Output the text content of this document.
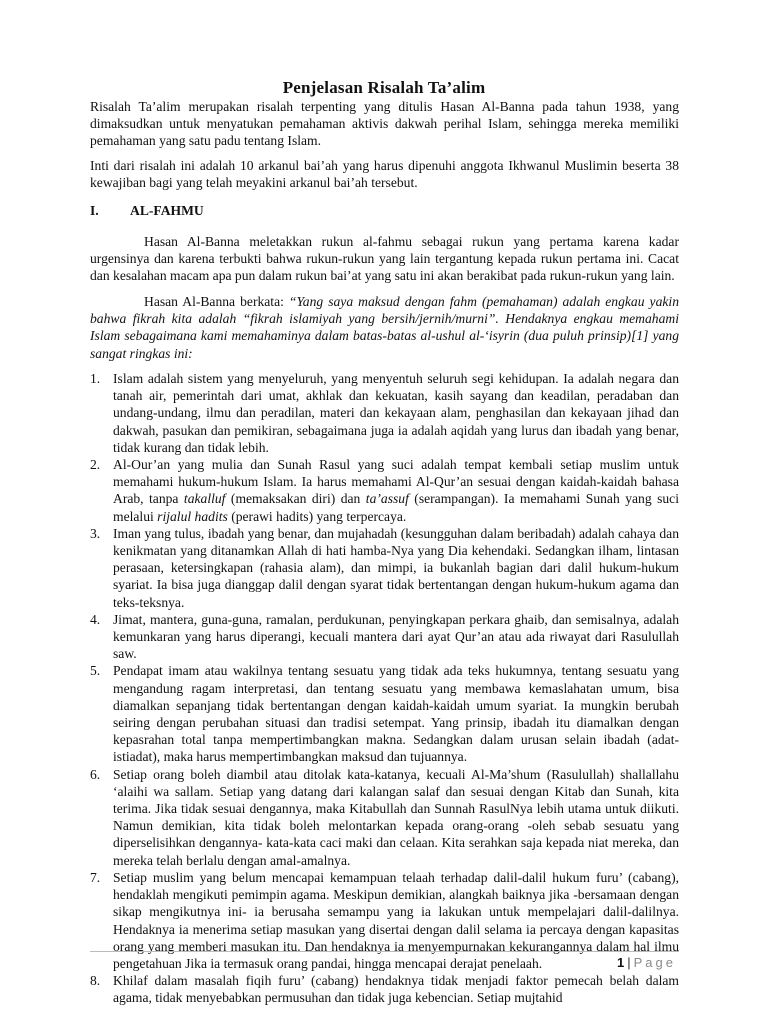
Penjelasan Risalah Ta’alim

Risalah Ta’alim merupakan risalah terpenting yang ditulis Hasan Al-Banna pada tahun 1938, yang dimaksudkan untuk menyatukan pemahaman aktivis dakwah perihal Islam, sehingga mereka memiliki pemahaman yang satu padu tentang Islam.

Inti dari risalah ini adalah 10 arkanul bai’ah yang harus dipenuhi anggota Ikhwanul Muslimin beserta 38 kewajiban bagi yang telah meyakini arkanul bai’ah tersebut.

I. AL-FAHMU

Hasan Al-Banna meletakkan rukun al-fahmu sebagai rukun yang pertama karena kadar urgensinya dan karena terbukti bahwa rukun-rukun yang lain tergantung kepada rukun pertama ini. Cacat dan kesalahan macam apa pun dalam rukun bai’at yang satu ini akan berakibat pada rukun-rukun yang lain.

Hasan Al-Banna berkata: “Yang saya maksud dengan fahm (pemahaman) adalah engkau yakin bahwa fikrah kita adalah “fikrah islamiyah yang bersih/jernih/murni”. Hendaknya engkau memahami Islam sebagaimana kami memahaminya dalam batas-batas al-ushul al-‘isyrin (dua puluh prinsip)[1] yang sangat ringkas ini:

1. Islam adalah sistem yang menyeluruh, yang menyentuh seluruh segi kehidupan. Ia adalah negara dan tanah air, pemerintah dari umat, akhlak dan kekuatan, kasih sayang dan keadilan, peradaban dan undang-undang, ilmu dan peradilan, materi dan kekayaan alam, penghasilan dan kekayaan jihad dan dakwah, pasukan dan pemikiran, sebagaimana juga ia adalah aqidah yang lurus dan ibadah yang benar, tidak kurang dan tidak lebih.
2. Al-Our’an yang mulia dan Sunah Rasul yang suci adalah tempat kembali setiap muslim untuk memahami hukum-hukum Islam. Ia harus memahami Al-Qur’an sesuai dengan kaidah-kaidah bahasa Arab, tanpa takalluf (memaksakan diri) dan ta’assuf (serampangan). Ia memahami Sunah yang suci melalui rijalul hadits (perawi hadits) yang terpercaya.
3. Iman yang tulus, ibadah yang benar, dan mujahadah (kesungguhan dalam beribadah) adalah cahaya dan kenikmatan yang ditanamkan Allah di hati hamba-Nya yang Dia kehendaki. Sedangkan ilham, lintasan perasaan, ketersingkapan (rahasia alam), dan mimpi, ia bukanlah bagian dari dalil hukum-hukum syariat. Ia bisa juga dianggap dalil dengan syarat tidak bertentangan dengan hukum-hukum agama dan teks-teksnya.
4. Jimat, mantera, guna-guna, ramalan, perdukunan, penyingkapan perkara ghaib, dan semisalnya, adalah kemunkaran yang harus diperangi, kecuali mantera dari ayat Qur’an atau ada riwayat dari Rasulullah saw.
5. Pendapat imam atau wakilnya tentang sesuatu yang tidak ada teks hukumnya, tentang sesuatu yang mengandung ragam interpretasi, dan tentang sesuatu yang membawa kemaslahatan umum, bisa diamalkan sepanjang tidak bertentangan dengan kaidah-kaidah umum syariat. Ia mungkin berubah seiring dengan perubahan situasi dan tradisi setempat. Yang prinsip, ibadah itu diamalkan dengan kepasrahan total tanpa mempertimbangkan makna. Sedangkan dalam urusan selain ibadah (adat-istiadat), maka harus mempertimbangkan maksud dan tujuannya.
6. Setiap orang boleh diambil atau ditolak kata-katanya, kecuali Al-Ma’shum (Rasulullah) shallallahu ‘alaihi wa sallam. Setiap yang datang dari kalangan salaf dan sesuai dengan Kitab dan Sunah, kita terima. Jika tidak sesuai dengannya, maka Kitabullah dan Sunnah RasulNya lebih utama untuk diikuti. Namun demikian, kita tidak boleh melontarkan kepada orang-orang -oleh sebab sesuatu yang diperselisihkan dengannya- kata-kata caci maki dan celaan. Kita serahkan saja kepada niat mereka, dan mereka telah berlalu dengan amal-amalnya.
7. Setiap muslim yang belum mencapai kemampuan telaah terhadap dalil-dalil hukum furu’ (cabang), hendaklah mengikuti pemimpin agama. Meskipun demikian, alangkah baiknya jika -bersamaan dengan sikap mengikutnya ini- ia berusaha semampu yang ia lakukan untuk mempelajari dalil-dalilnya. Hendaknya ia menerima setiap masukan yang disertai dengan dalil selama ia percaya dengan kapasitas orang yang memberi masukan itu. Dan hendaknya ia menyempurnakan kekurangannya dalam hal ilmu pengetahuan Jika ia termasuk orang pandai, hingga mencapai derajat penelaah.
8. Khilaf dalam masalah fiqih furu’ (cabang) hendaknya tidak menjadi faktor pemecah belah dalam agama, tidak menyebabkan permusuhan dan tidak juga kebencian. Setiap mujtahid
1 | Page
